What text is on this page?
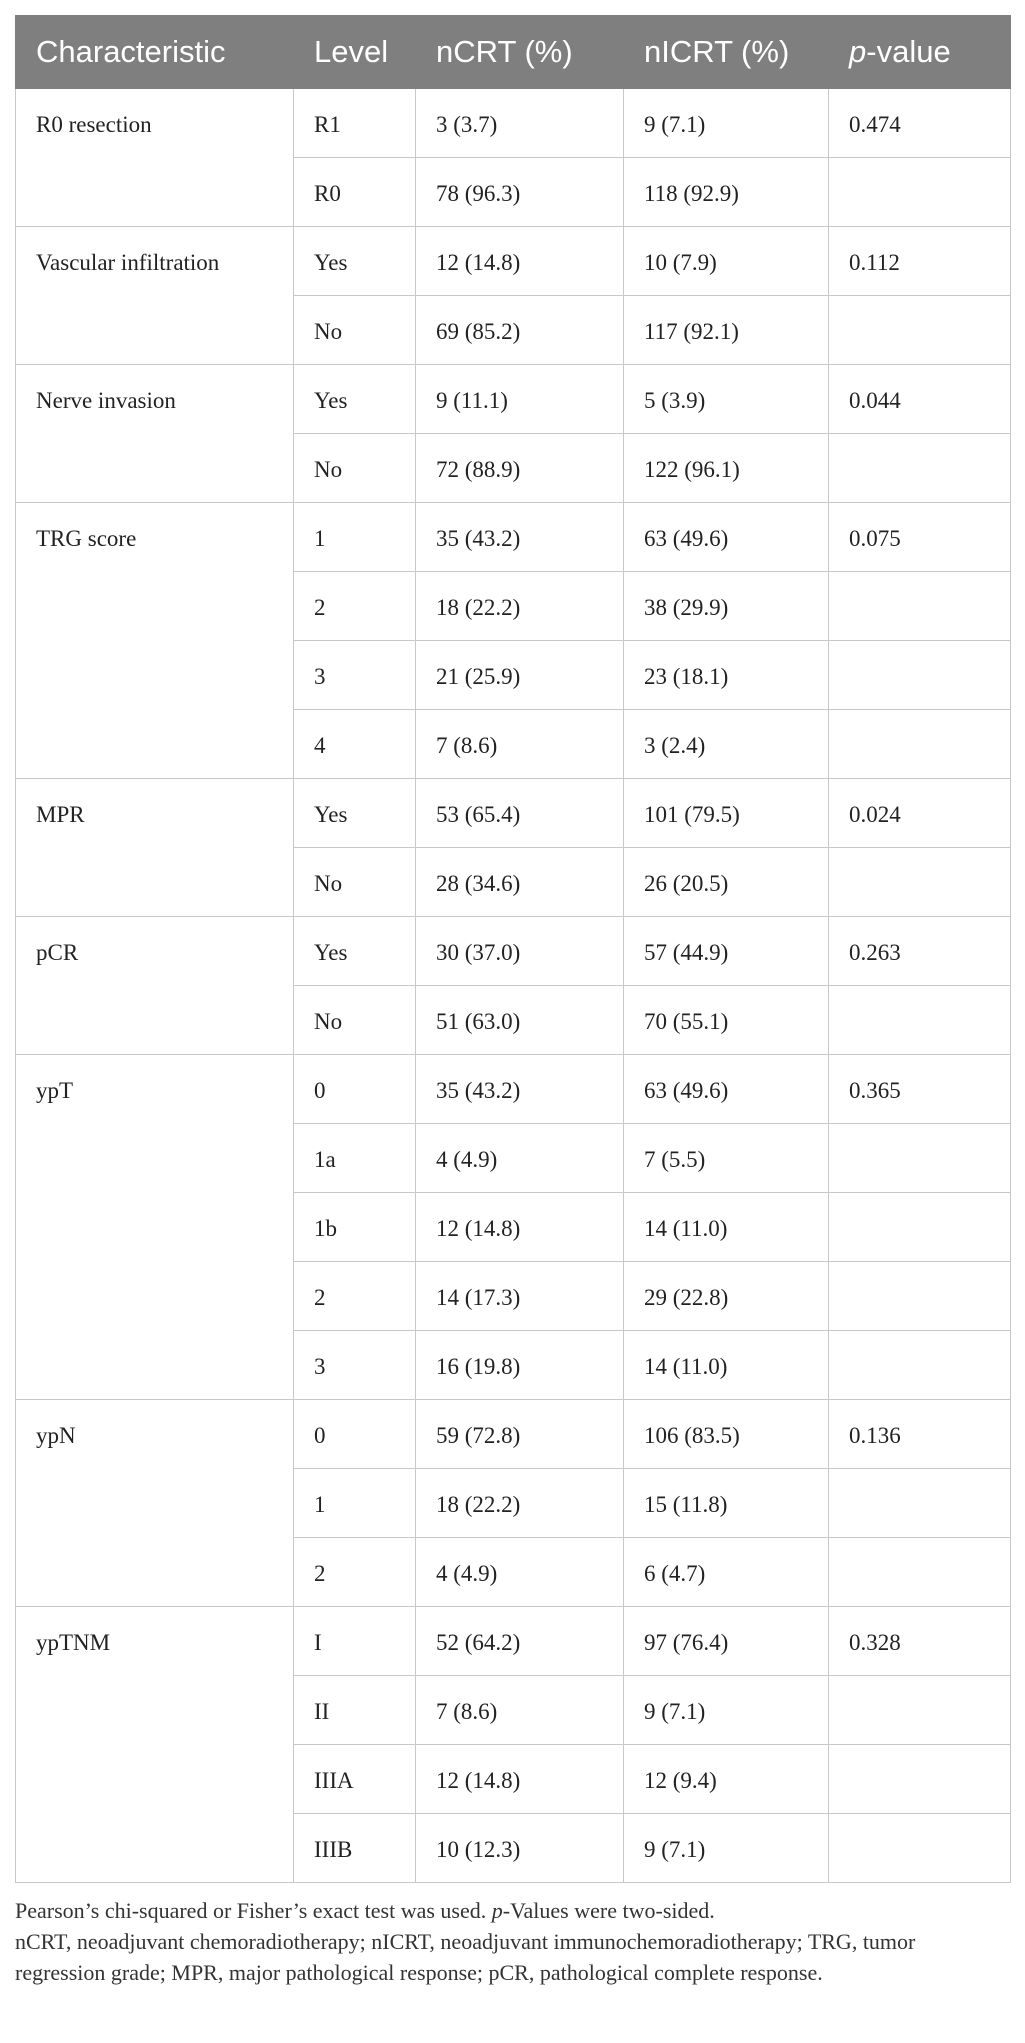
Characteristic	Level	nCRT (%)	nICRT (%)	p-value
R0 resection	R1	3 (3.7)	9 (7.1)	0.474
	R0	78 (96.3)	118 (92.9)	
Vascular infiltration	Yes	12 (14.8)	10 (7.9)	0.112
	No	69 (85.2)	117 (92.1)	
Nerve invasion	Yes	9 (11.1)	5 (3.9)	0.044
	No	72 (88.9)	122 (96.1)	
TRG score	1	35 (43.2)	63 (49.6)	0.075
	2	18 (22.2)	38 (29.9)	
	3	21 (25.9)	23 (18.1)	
	4	7 (8.6)	3 (2.4)	
MPR	Yes	53 (65.4)	101 (79.5)	0.024
	No	28 (34.6)	26 (20.5)	
pCR	Yes	30 (37.0)	57 (44.9)	0.263
	No	51 (63.0)	70 (55.1)	
ypT	0	35 (43.2)	63 (49.6)	0.365
	1a	4 (4.9)	7 (5.5)	
	1b	12 (14.8)	14 (11.0)	
	2	14 (17.3)	29 (22.8)	
	3	16 (19.8)	14 (11.0)	
ypN	0	59 (72.8)	106 (83.5)	0.136
	1	18 (22.2)	15 (11.8)	
	2	4 (4.9)	6 (4.7)	
ypTNM	I	52 (64.2)	97 (76.4)	0.328
	II	7 (8.6)	9 (7.1)	
	IIIA	12 (14.8)	12 (9.4)	
	IIIB	10 (12.3)	9 (7.1)	

Pearson’s chi-squared or Fisher’s exact test was used. p-Values were two-sided.

nCRT, neoadjuvant chemoradiotherapy; nICRT, neoadjuvant immunochemoradiotherapy; TRG, tumor regression grade; MPR, major pathological response; pCR, pathological complete response.
